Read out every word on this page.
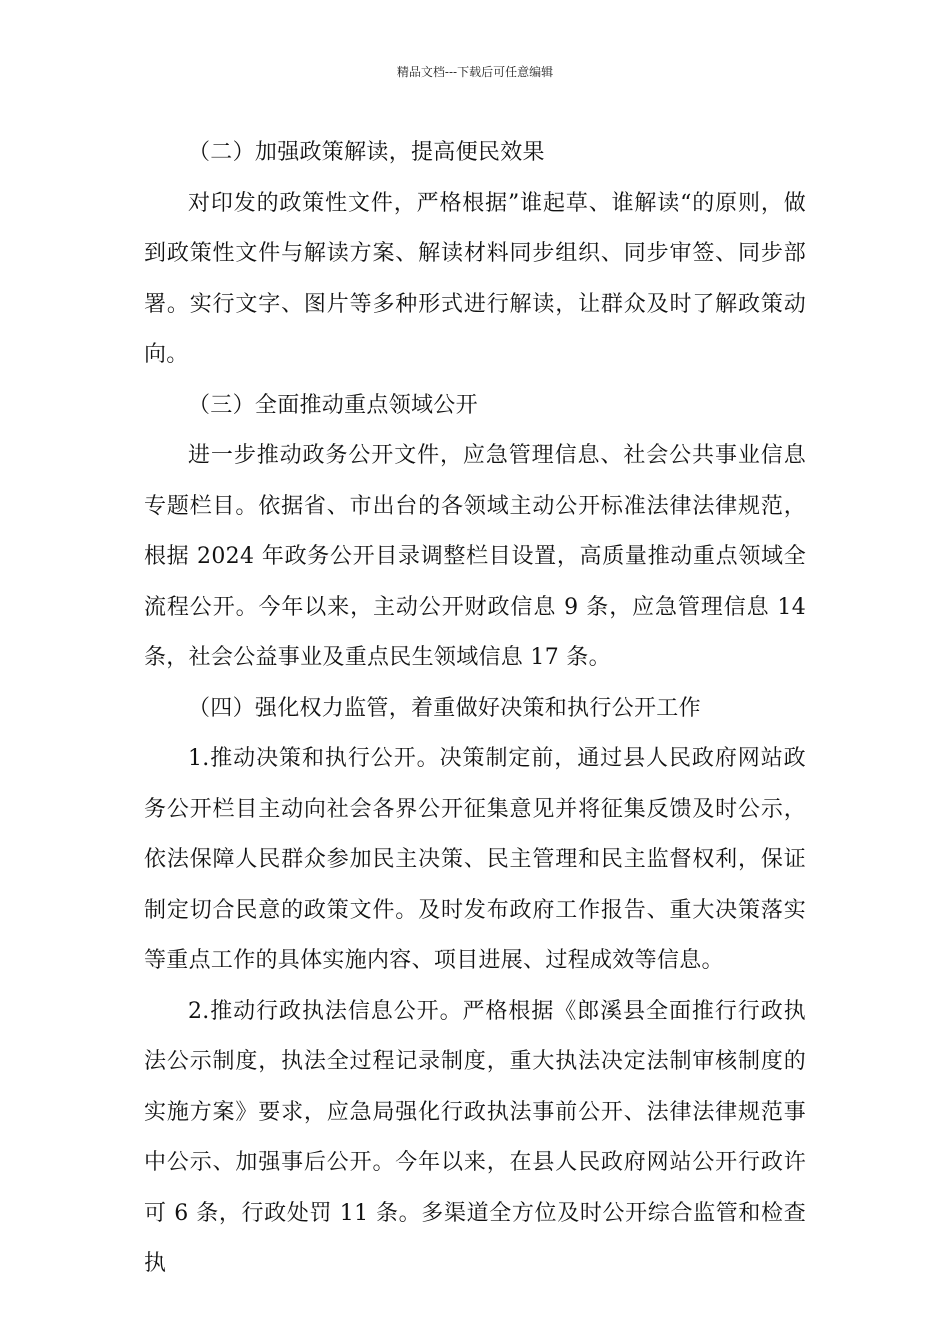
精品文档---下载后可任意编辑

（二）加强政策解读，提高便民效果

对印发的政策性文件，严格根据”谁起草、谁解读“的原则，做到政策性文件与解读方案、解读材料同步组织、同步审签、同步部署。实行文字、图片等多种形式进行解读，让群众及时了解政策动向。

（三）全面推动重点领域公开

进一步推动政务公开文件，应急管理信息、社会公共事业信息专题栏目。依据省、市出台的各领域主动公开标准法律法律规范，根据 2024 年政务公开目录调整栏目设置，高质量推动重点领域全流程公开。今年以来，主动公开财政信息 9 条，应急管理信息 14 条，社会公益事业及重点民生领域信息 17 条。

（四）强化权力监管，着重做好决策和执行公开工作

1.推动决策和执行公开。决策制定前，通过县人民政府网站政务公开栏目主动向社会各界公开征集意见并将征集反馈及时公示，依法保障人民群众参加民主决策、民主管理和民主监督权利，保证制定切合民意的政策文件。及时发布政府工作报告、重大决策落实等重点工作的具体实施内容、项目进展、过程成效等信息。

2.推动行政执法信息公开。严格根据《郎溪县全面推行行政执法公示制度，执法全过程记录制度，重大执法决定法制审核制度的实施方案》要求，应急局强化行政执法事前公开、法律法律规范事中公示、加强事后公开。今年以来，在县人民政府网站公开行政许可 6 条，行政处罚 11 条。多渠道全方位及时公开综合监管和检查执
